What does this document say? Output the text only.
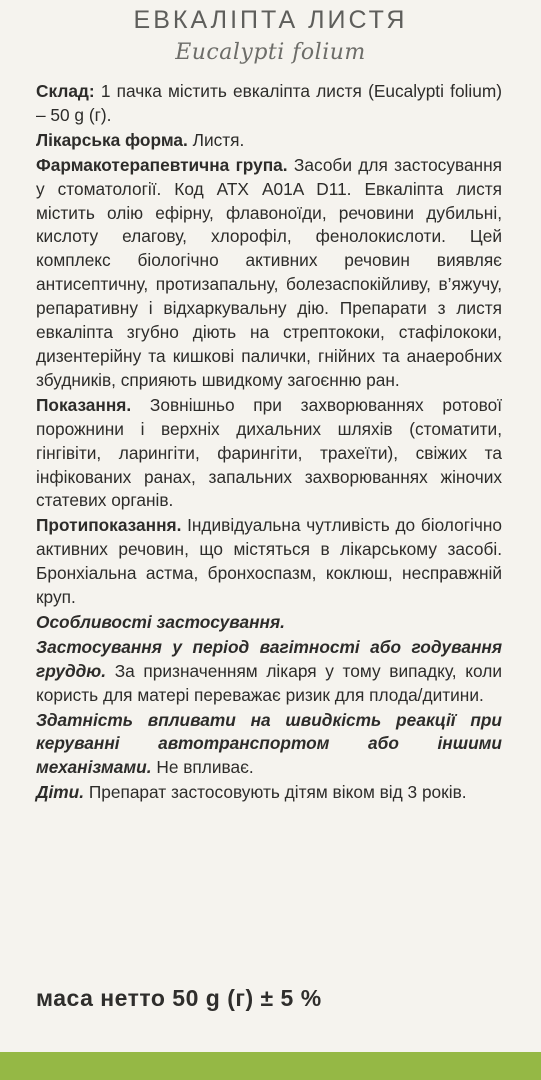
ЕВКАЛІПТА ЛИСТЯ
Eucalypti folium

Склад: 1 пачка містить евкаліпта листя (Eucalypti folium) – 50 g (г).

Лікарська форма. Листя.

Фармакотерапевтична група. Засоби для застосування у стоматології. Код АТХ A01A D11. Евкаліпта листя містить олію ефірну, флавоноїди, речовини дубильні, кислоту елагову, хлорофіл, фенолокислоти. Цей комплекс біологічно активних речовин виявляє антисептичну, протизапальну, болезаспокійливу, в’яжучу, репаративну і відхаркувальну дію. Препарати з листя евкаліпта згубно діють на стрептококи, стафілококи, дизентерійну та кишкові палички, гнійних та анаеробних збудників, сприяють швидкому загоєнню ран.

Показання. Зовнішньо при захворюваннях ротової порожнини і верхніх дихальних шляхів (стоматити, гінгівіти, ларингіти, фарингіти, трахеїти), свіжих та інфікованих ранах, запальних захворюваннях жіночих статевих органів.

Протипоказання. Індивідуальна чутливість до біологічно активних речовин, що містяться в лікарському засобі. Бронхіальна астма, бронхоспазм, коклюш, несправжній круп.

Особливості застосування.

Застосування у період вагітності або годування груддю. За призначенням лікаря у тому випадку, коли користь для матері переважає ризик для плода/дитини.

Здатність впливати на швидкість реакції при керуванні автотранспортом або іншими механізмами. Не впливає.

Діти. Препарат застосовують дітям віком від 3 років.

маса нетто 50 g (г) ± 5 %
